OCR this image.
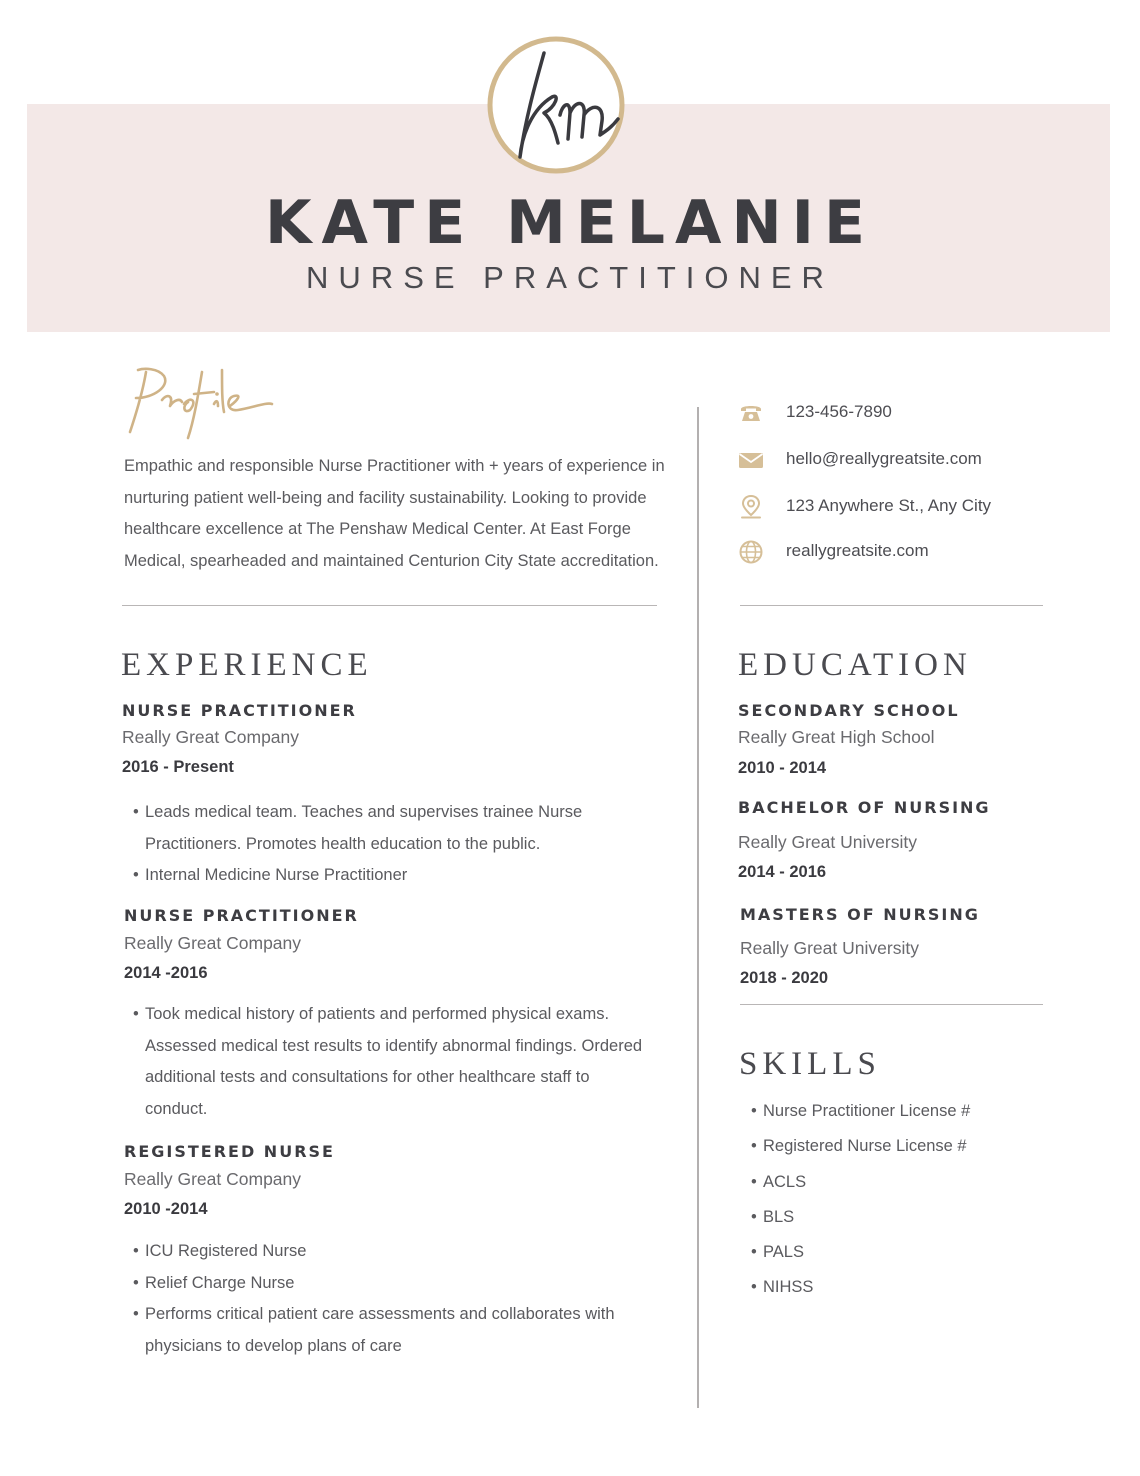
km
KATE MELANIE
NURSE PRACTITIONER
Empathic and responsible Nurse Practitioner with + years of experience in nurturing patient well-being and facility sustainability. Looking to provide healthcare excellence at The Penshaw Medical Center. At East Forge Medical, spearheaded and maintained Centurion City State accreditation.
123-456-7890
hello@reallygreatsite.com
123 Anywhere St., Any City
reallygreatsite.com
EXPERIENCE
NURSE PRACTITIONER
Really Great Company
2016 - Present
• Leads medical team. Teaches and supervises trainee Nurse Practitioners. Promotes health education to the public.
• Internal Medicine Nurse Practitioner
NURSE PRACTITIONER
Really Great Company
2014 -2016
• Took medical history of patients and performed physical exams. Assessed medical test results to identify abnormal findings. Ordered additional tests and consultations for other healthcare staff to conduct.
REGISTERED NURSE
Really Great Company
2010 -2014
• ICU Registered Nurse
• Relief Charge Nurse
• Performs critical patient care assessments and collaborates with physicians to develop plans of care
EDUCATION
SECONDARY SCHOOL
Really Great High School
2010 - 2014
BACHELOR OF NURSING
Really Great University
2014 - 2016
MASTERS OF NURSING
Really Great University
2018 - 2020
SKILLS
• Nurse Practitioner License #
• Registered Nurse License #
• ACLS
• BLS
• PALS
• NIHSS
